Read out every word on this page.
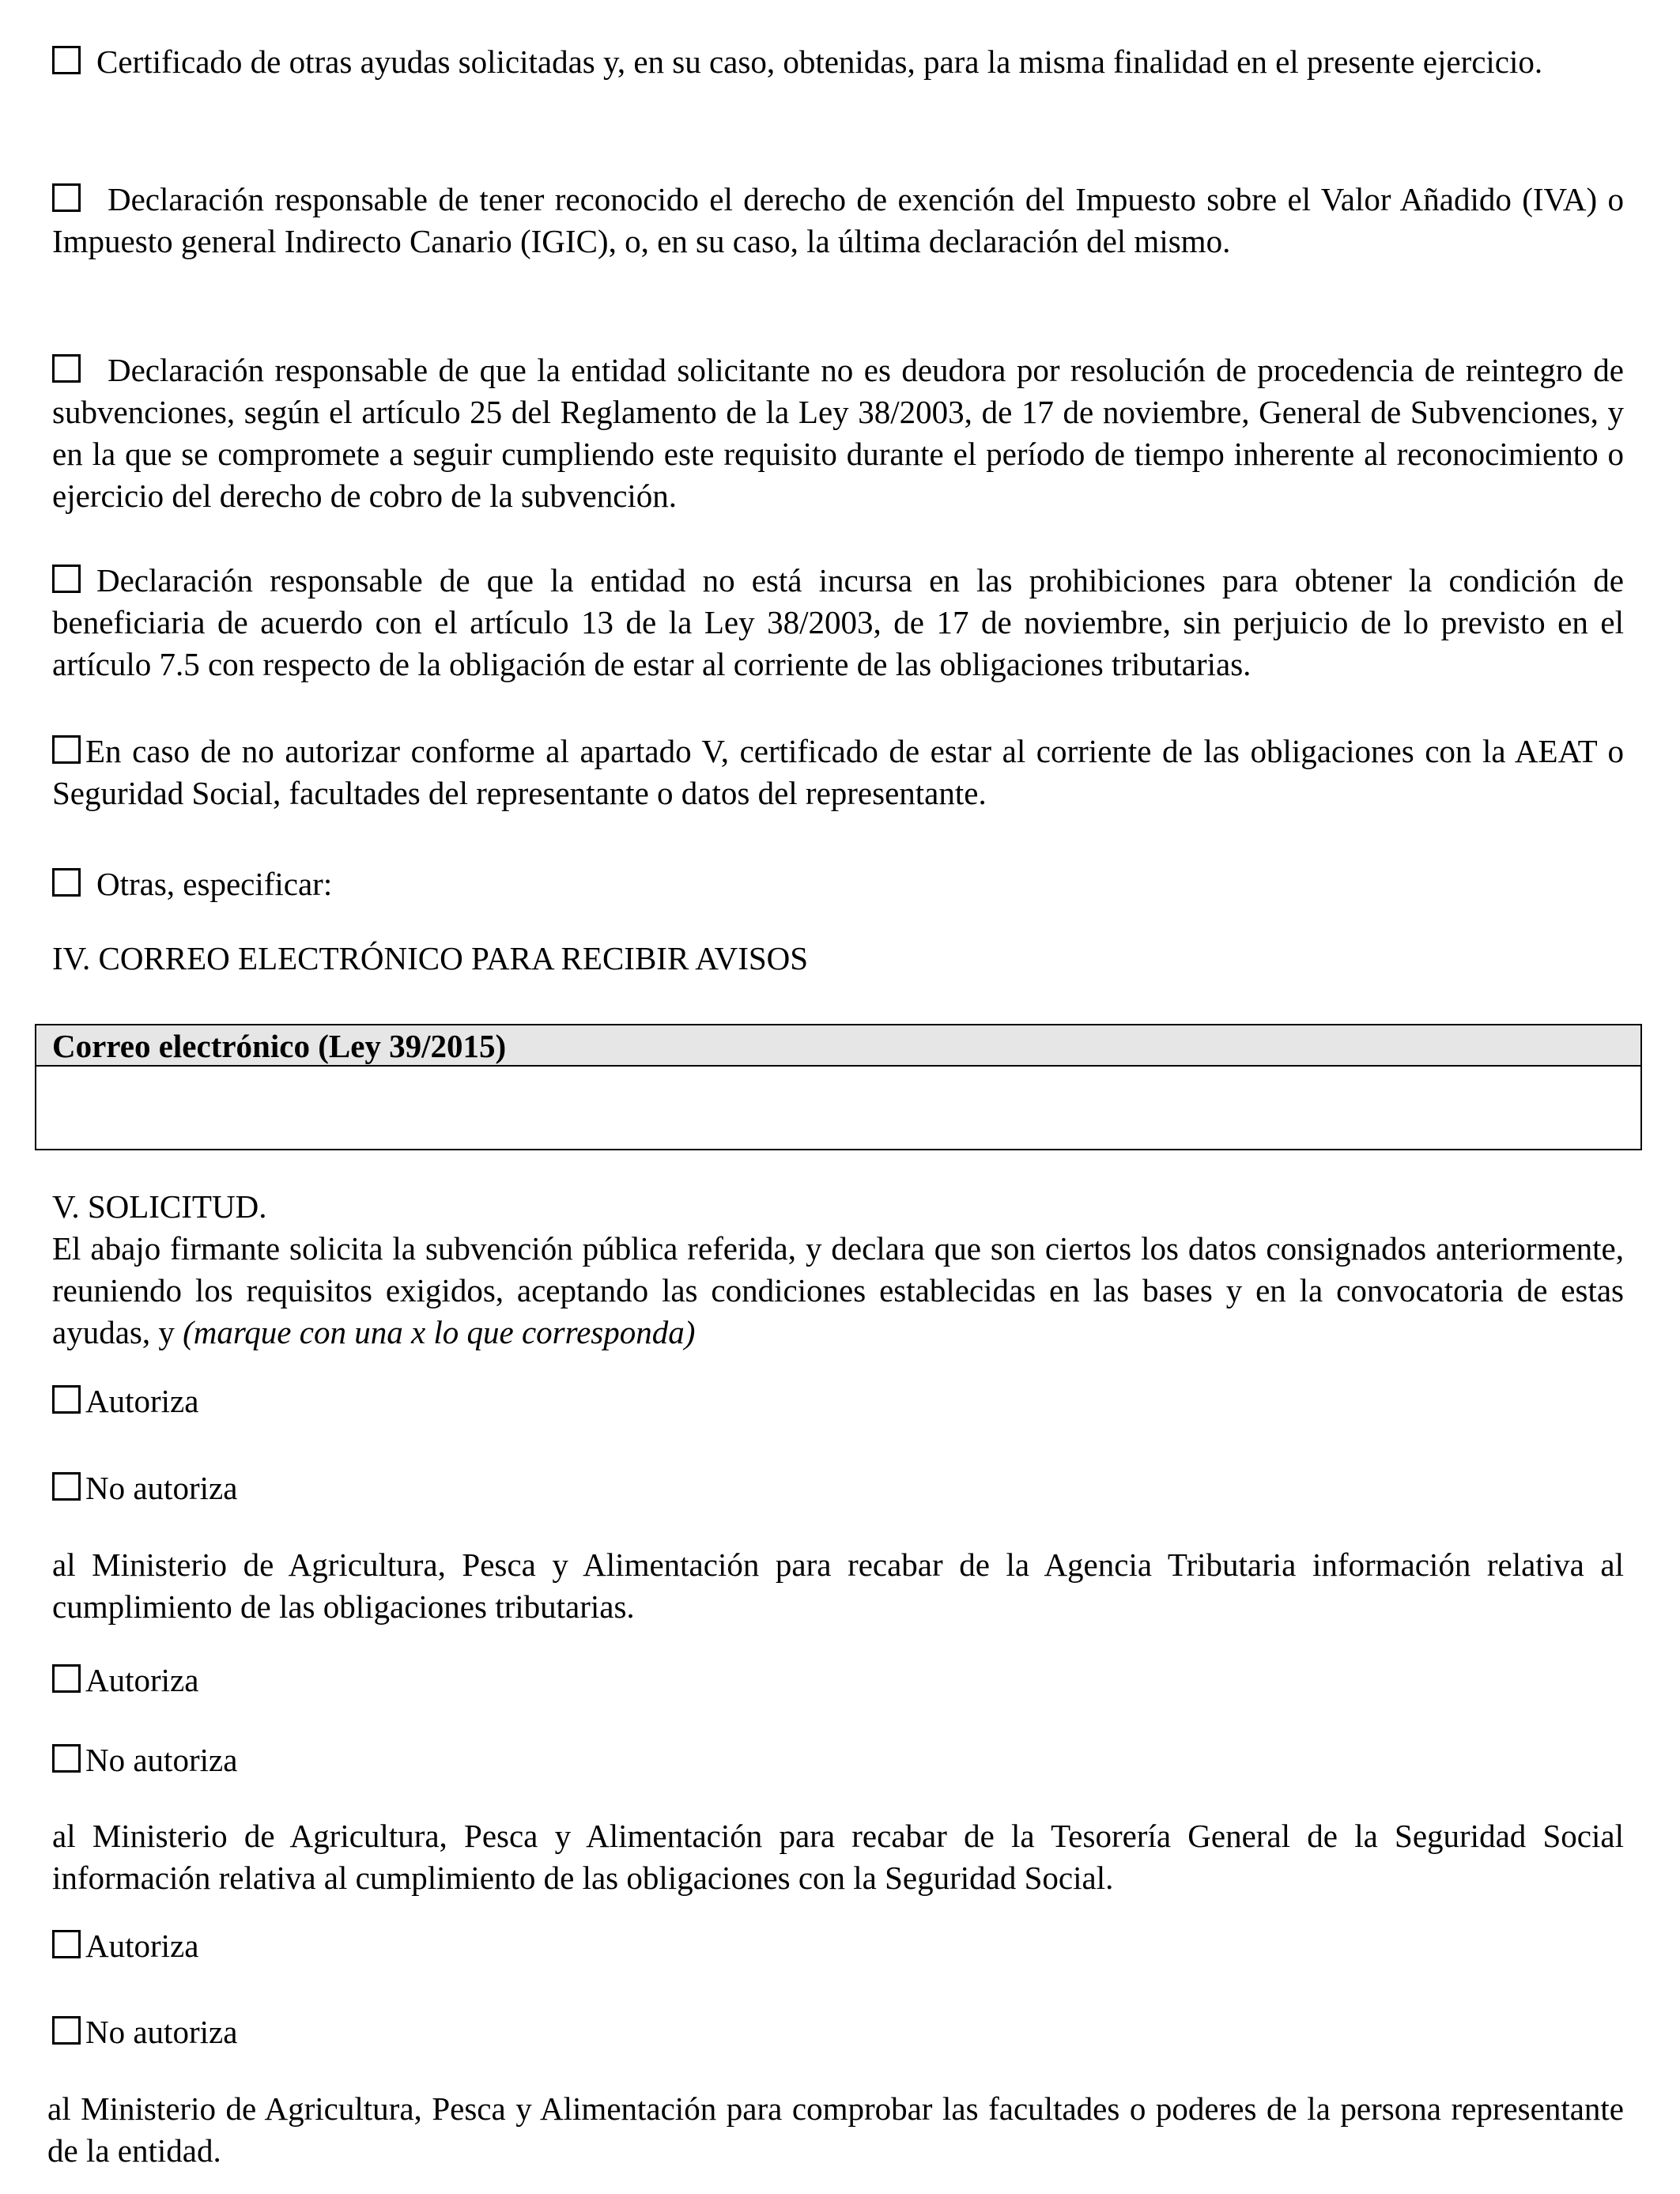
Certificado de otras ayudas solicitadas y, en su caso, obtenidas, para la misma finalidad en el presente ejercicio.
Declaración responsable de tener reconocido el derecho de exención del Impuesto sobre el Valor Añadido (IVA) o Impuesto general Indirecto Canario (IGIC), o, en su caso, la última declaración del mismo.
Declaración responsable de que la entidad solicitante no es deudora por resolución de procedencia de reintegro de subvenciones, según el artículo 25 del Reglamento de la Ley 38/2003, de 17 de noviembre, General de Subvenciones, y en la que se compromete a seguir cumpliendo este requisito durante el período de tiempo inherente al reconocimiento o ejercicio del derecho de cobro de la subvención.
Declaración responsable de que la entidad no está incursa en las prohibiciones para obtener la condición de beneficiaria de acuerdo con el artículo 13 de la Ley 38/2003, de 17 de noviembre, sin perjuicio de lo previsto en el artículo 7.5 con respecto de la obligación de estar al corriente de las obligaciones tributarias.
En caso de no autorizar conforme al apartado V, certificado de estar al corriente de las obligaciones con la AEAT o Seguridad Social, facultades del representante o datos del representante.
Otras, especificar:
IV. CORREO ELECTRÓNICO PARA RECIBIR AVISOS
Correo electrónico (Ley 39/2015)
V. SOLICITUD.
El abajo firmante solicita la subvención pública referida, y declara que son ciertos los datos consignados anteriormente, reuniendo los requisitos exigidos, aceptando las condiciones establecidas en las bases y en la convocatoria de estas ayudas, y (marque con una x lo que corresponda)
Autoriza
No autoriza
al Ministerio de Agricultura, Pesca y Alimentación para recabar de la Agencia Tributaria información relativa al cumplimiento de las obligaciones tributarias.
Autoriza
No autoriza
al Ministerio de Agricultura, Pesca y Alimentación para recabar de la Tesorería General de la Seguridad Social información relativa al cumplimiento de las obligaciones con la Seguridad Social.
Autoriza
No autoriza
al Ministerio de Agricultura, Pesca y Alimentación para comprobar las facultades o poderes de la persona representante de la entidad.
